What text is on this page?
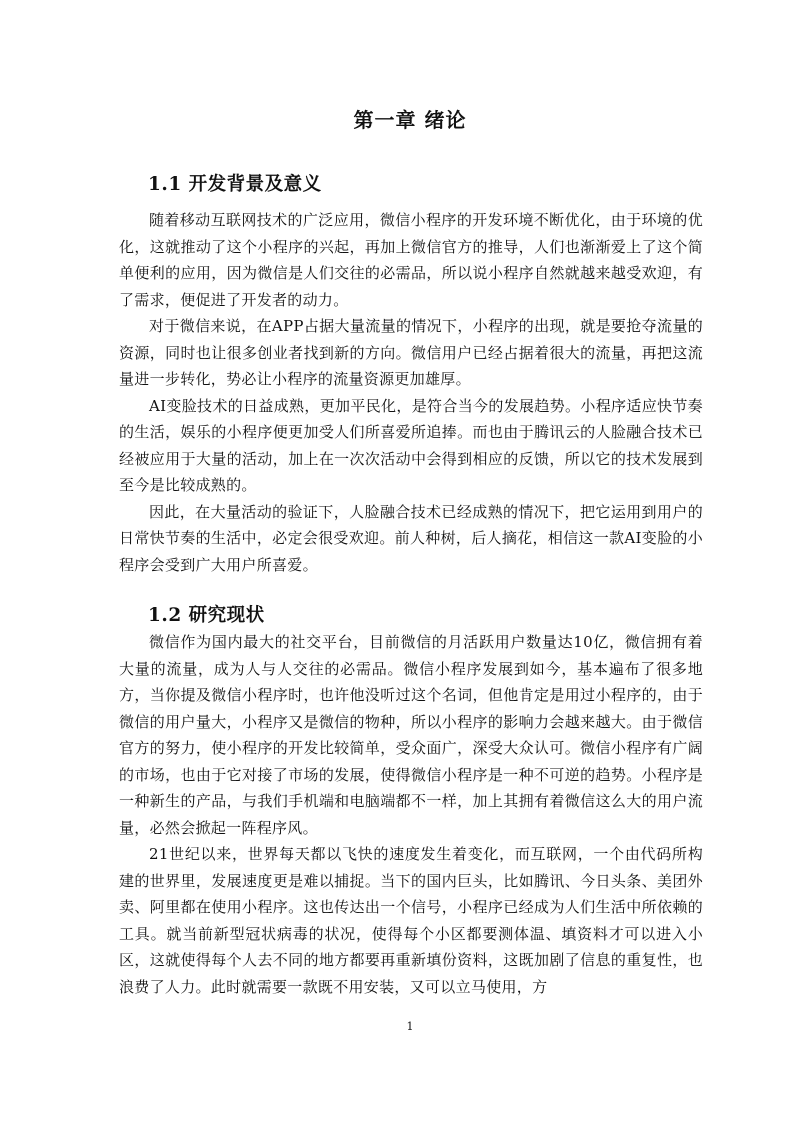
第一章 绪论
1.1 开发背景及意义

随着移动互联网技术的广泛应用，微信小程序的开发环境不断优化，由于环境的优化，这就推动了这个小程序的兴起，再加上微信官方的推导，人们也渐渐爱上了这个简单便利的应用，因为微信是人们交往的必需品，所以说小程序自然就越来越受欢迎，有了需求，便促进了开发者的动力。

对于微信来说，在APP占据大量流量的情况下，小程序的出现，就是要抢夺流量的资源，同时也让很多创业者找到新的方向。微信用户已经占据着很大的流量，再把这流量进一步转化，势必让小程序的流量资源更加雄厚。

AI变脸技术的日益成熟，更加平民化，是符合当今的发展趋势。小程序适应快节奏的生活，娱乐的小程序便更加受人们所喜爱所追捧。而也由于腾讯云的人脸融合技术已经被应用于大量的活动，加上在一次次活动中会得到相应的反馈，所以它的技术发展到至今是比较成熟的。

因此，在大量活动的验证下，人脸融合技术已经成熟的情况下，把它运用到用户的日常快节奏的生活中，必定会很受欢迎。前人种树，后人摘花，相信这一款AI变脸的小程序会受到广大用户所喜爱。

1.2 研究现状

微信作为国内最大的社交平台，目前微信的月活跃用户数量达10亿，微信拥有着大量的流量，成为人与人交往的必需品。微信小程序发展到如今，基本遍布了很多地方，当你提及微信小程序时，也许他没听过这个名词，但他肯定是用过小程序的，由于微信的用户量大，小程序又是微信的物种，所以小程序的影响力会越来越大。由于微信官方的努力，使小程序的开发比较简单，受众面广，深受大众认可。微信小程序有广阔的市场，也由于它对接了市场的发展，使得微信小程序是一种不可逆的趋势。小程序是一种新生的产品，与我们手机端和电脑端都不一样，加上其拥有着微信这么大的用户流量，必然会掀起一阵程序风。

21世纪以来，世界每天都以飞快的速度发生着变化，而互联网，一个由代码所构建的世界里，发展速度更是难以捕捉。当下的国内巨头，比如腾讯、今日头条、美团外卖、阿里都在使用小程序。这也传达出一个信号，小程序已经成为人们生活中所依赖的工具。就当前新型冠状病毒的状况，使得每个小区都要测体温、填资料才可以进入小区，这就使得每个人去不同的地方都要再重新填份资料，这既加剧了信息的重复性，也浪费了人力。此时就需要一款既不用安装，又可以立马使用，方

1
